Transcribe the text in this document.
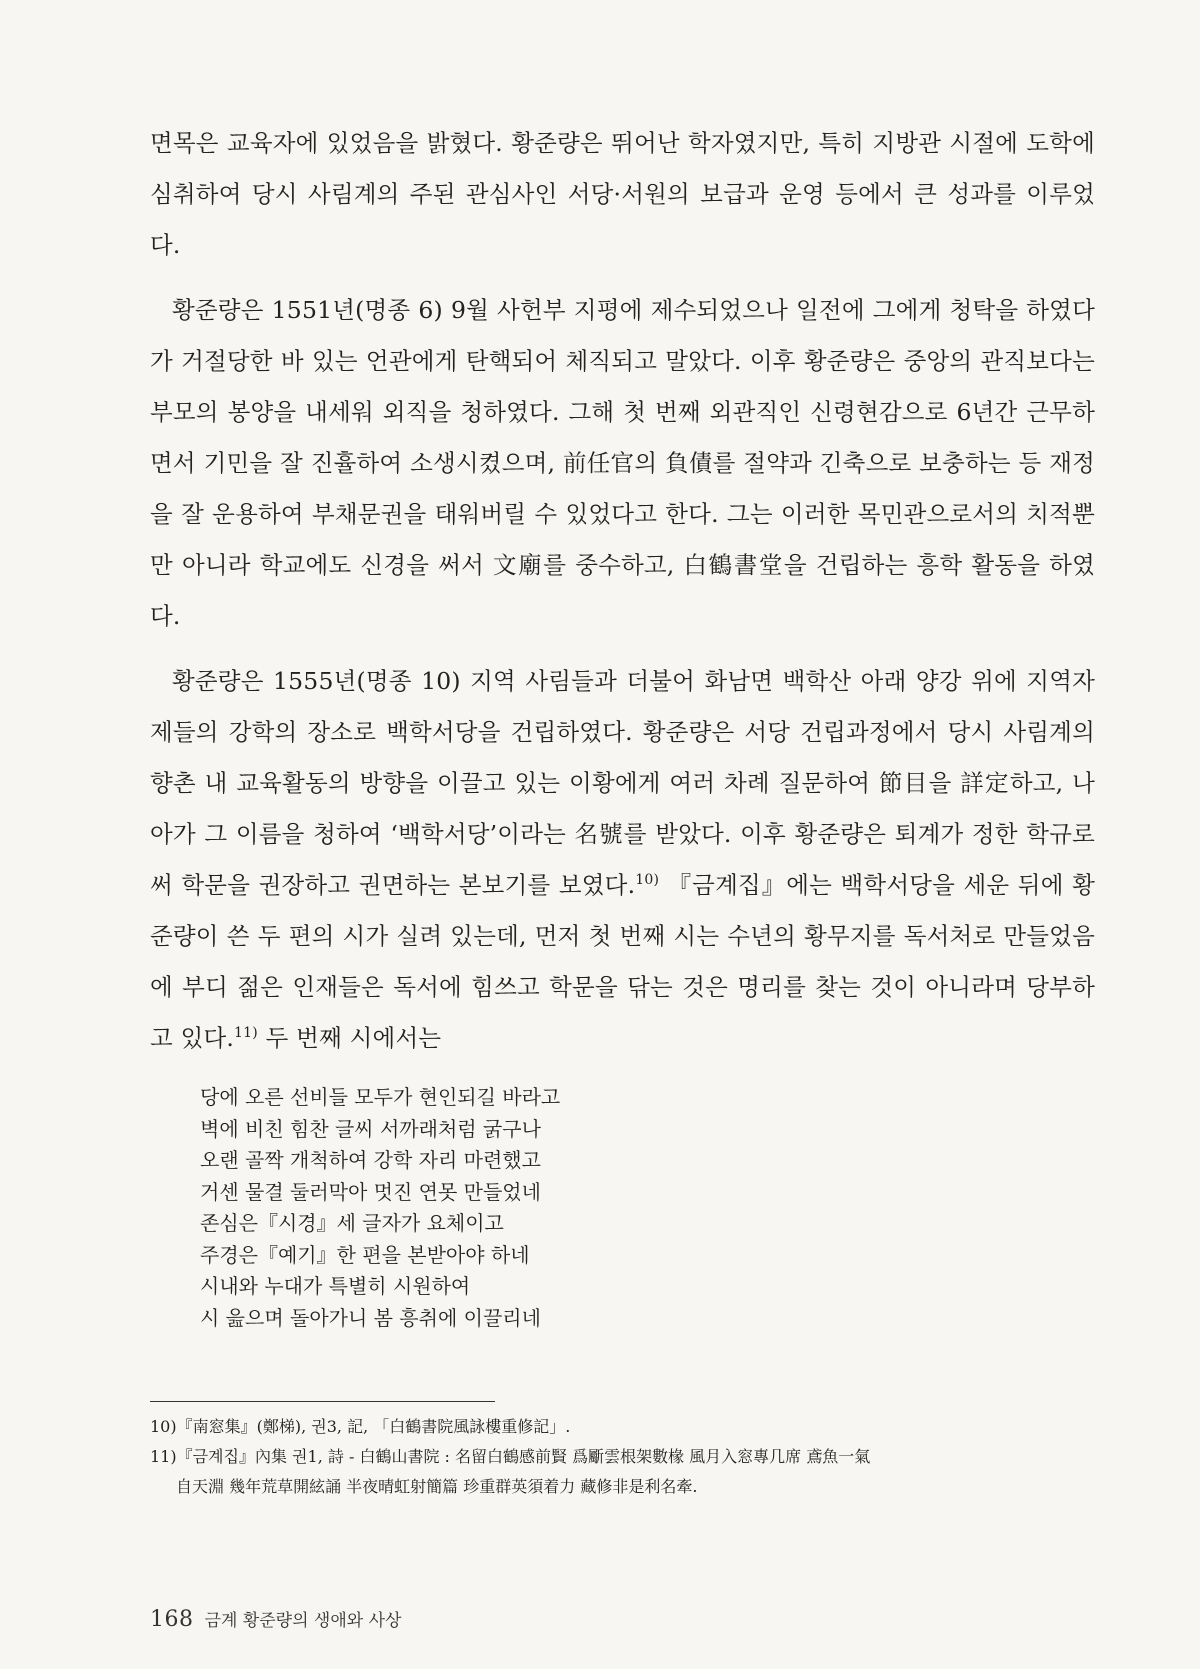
면목은 교육자에 있었음을 밝혔다. 황준량은 뛰어난 학자였지만, 특히 지방관 시절에 도학에 심취하여 당시 사림계의 주된 관심사인 서당·서원의 보급과 운영 등에서 큰 성과를 이루었다.

황준량은 1551년(명종 6) 9월 사헌부 지평에 제수되었으나 일전에 그에게 청탁을 하였다가 거절당한 바 있는 언관에게 탄핵되어 체직되고 말았다. 이후 황준량은 중앙의 관직보다는 부모의 봉양을 내세워 외직을 청하였다. 그해 첫 번째 외관직인 신령현감으로 6년간 근무하면서 기민을 잘 진휼하여 소생시켰으며, 前任官의 負債를 절약과 긴축으로 보충하는 등 재정을 잘 운용하여 부채문권을 태워버릴 수 있었다고 한다. 그는 이러한 목민관으로서의 치적뿐만 아니라 학교에도 신경을 써서 文廟를 중수하고, 白鶴書堂을 건립하는 흥학 활동을 하였다.

황준량은 1555년(명종 10) 지역 사림들과 더불어 화남면 백학산 아래 양강 위에 지역자제들의 강학의 장소로 백학서당을 건립하였다. 황준량은 서당 건립과정에서 당시 사림계의 향촌 내 교육활동의 방향을 이끌고 있는 이황에게 여러 차례 질문하여 節目을 詳定하고, 나아가 그 이름을 청하여 ‘백학서당’이라는 名號를 받았다. 이후 황준량은 퇴계가 정한 학규로써 학문을 권장하고 권면하는 본보기를 보였다.$^{10)}$ 『금계집』에는 백학서당을 세운 뒤에 황준량이 쓴 두 편의 시가 실려 있는데, 먼저 첫 번째 시는 수년의 황무지를 독서처로 만들었음에 부디 젊은 인재들은 독서에 힘쓰고 학문을 닦는 것은 명리를 찾는 것이 아니라며 당부하고 있다.$^{11)}$ 두 번째 시에서는

당에 오른 선비들 모두가 현인되길 바라고
벽에 비친 힘찬 글씨 서까래처럼 굵구나
오랜 골짝 개척하여 강학 자리 마련했고
거센 물결 둘러막아 멋진 연못 만들었네
존심은『시경』세 글자가 요체이고
주경은『예기』한 편을 본받아야 하네
시내와 누대가 특별히 시원하여
시 읊으며 돌아가니 봄 흥취에 이끌리네
10)『南窓集』(鄭梯), 권3, 記, 「白鶴書院風詠樓重修記」.
11)『금계집』內集 권1, 詩 - 白鶴山書院 : 名留白鶴感前賢 爲斸雲根架數椽 風月入窓專几席 鳶魚一氣
自天淵 幾年荒草開絃誦 半夜晴虹射簡篇 珍重群英須着力 藏修非是利名牽.
168 금계 황준량의 생애와 사상
